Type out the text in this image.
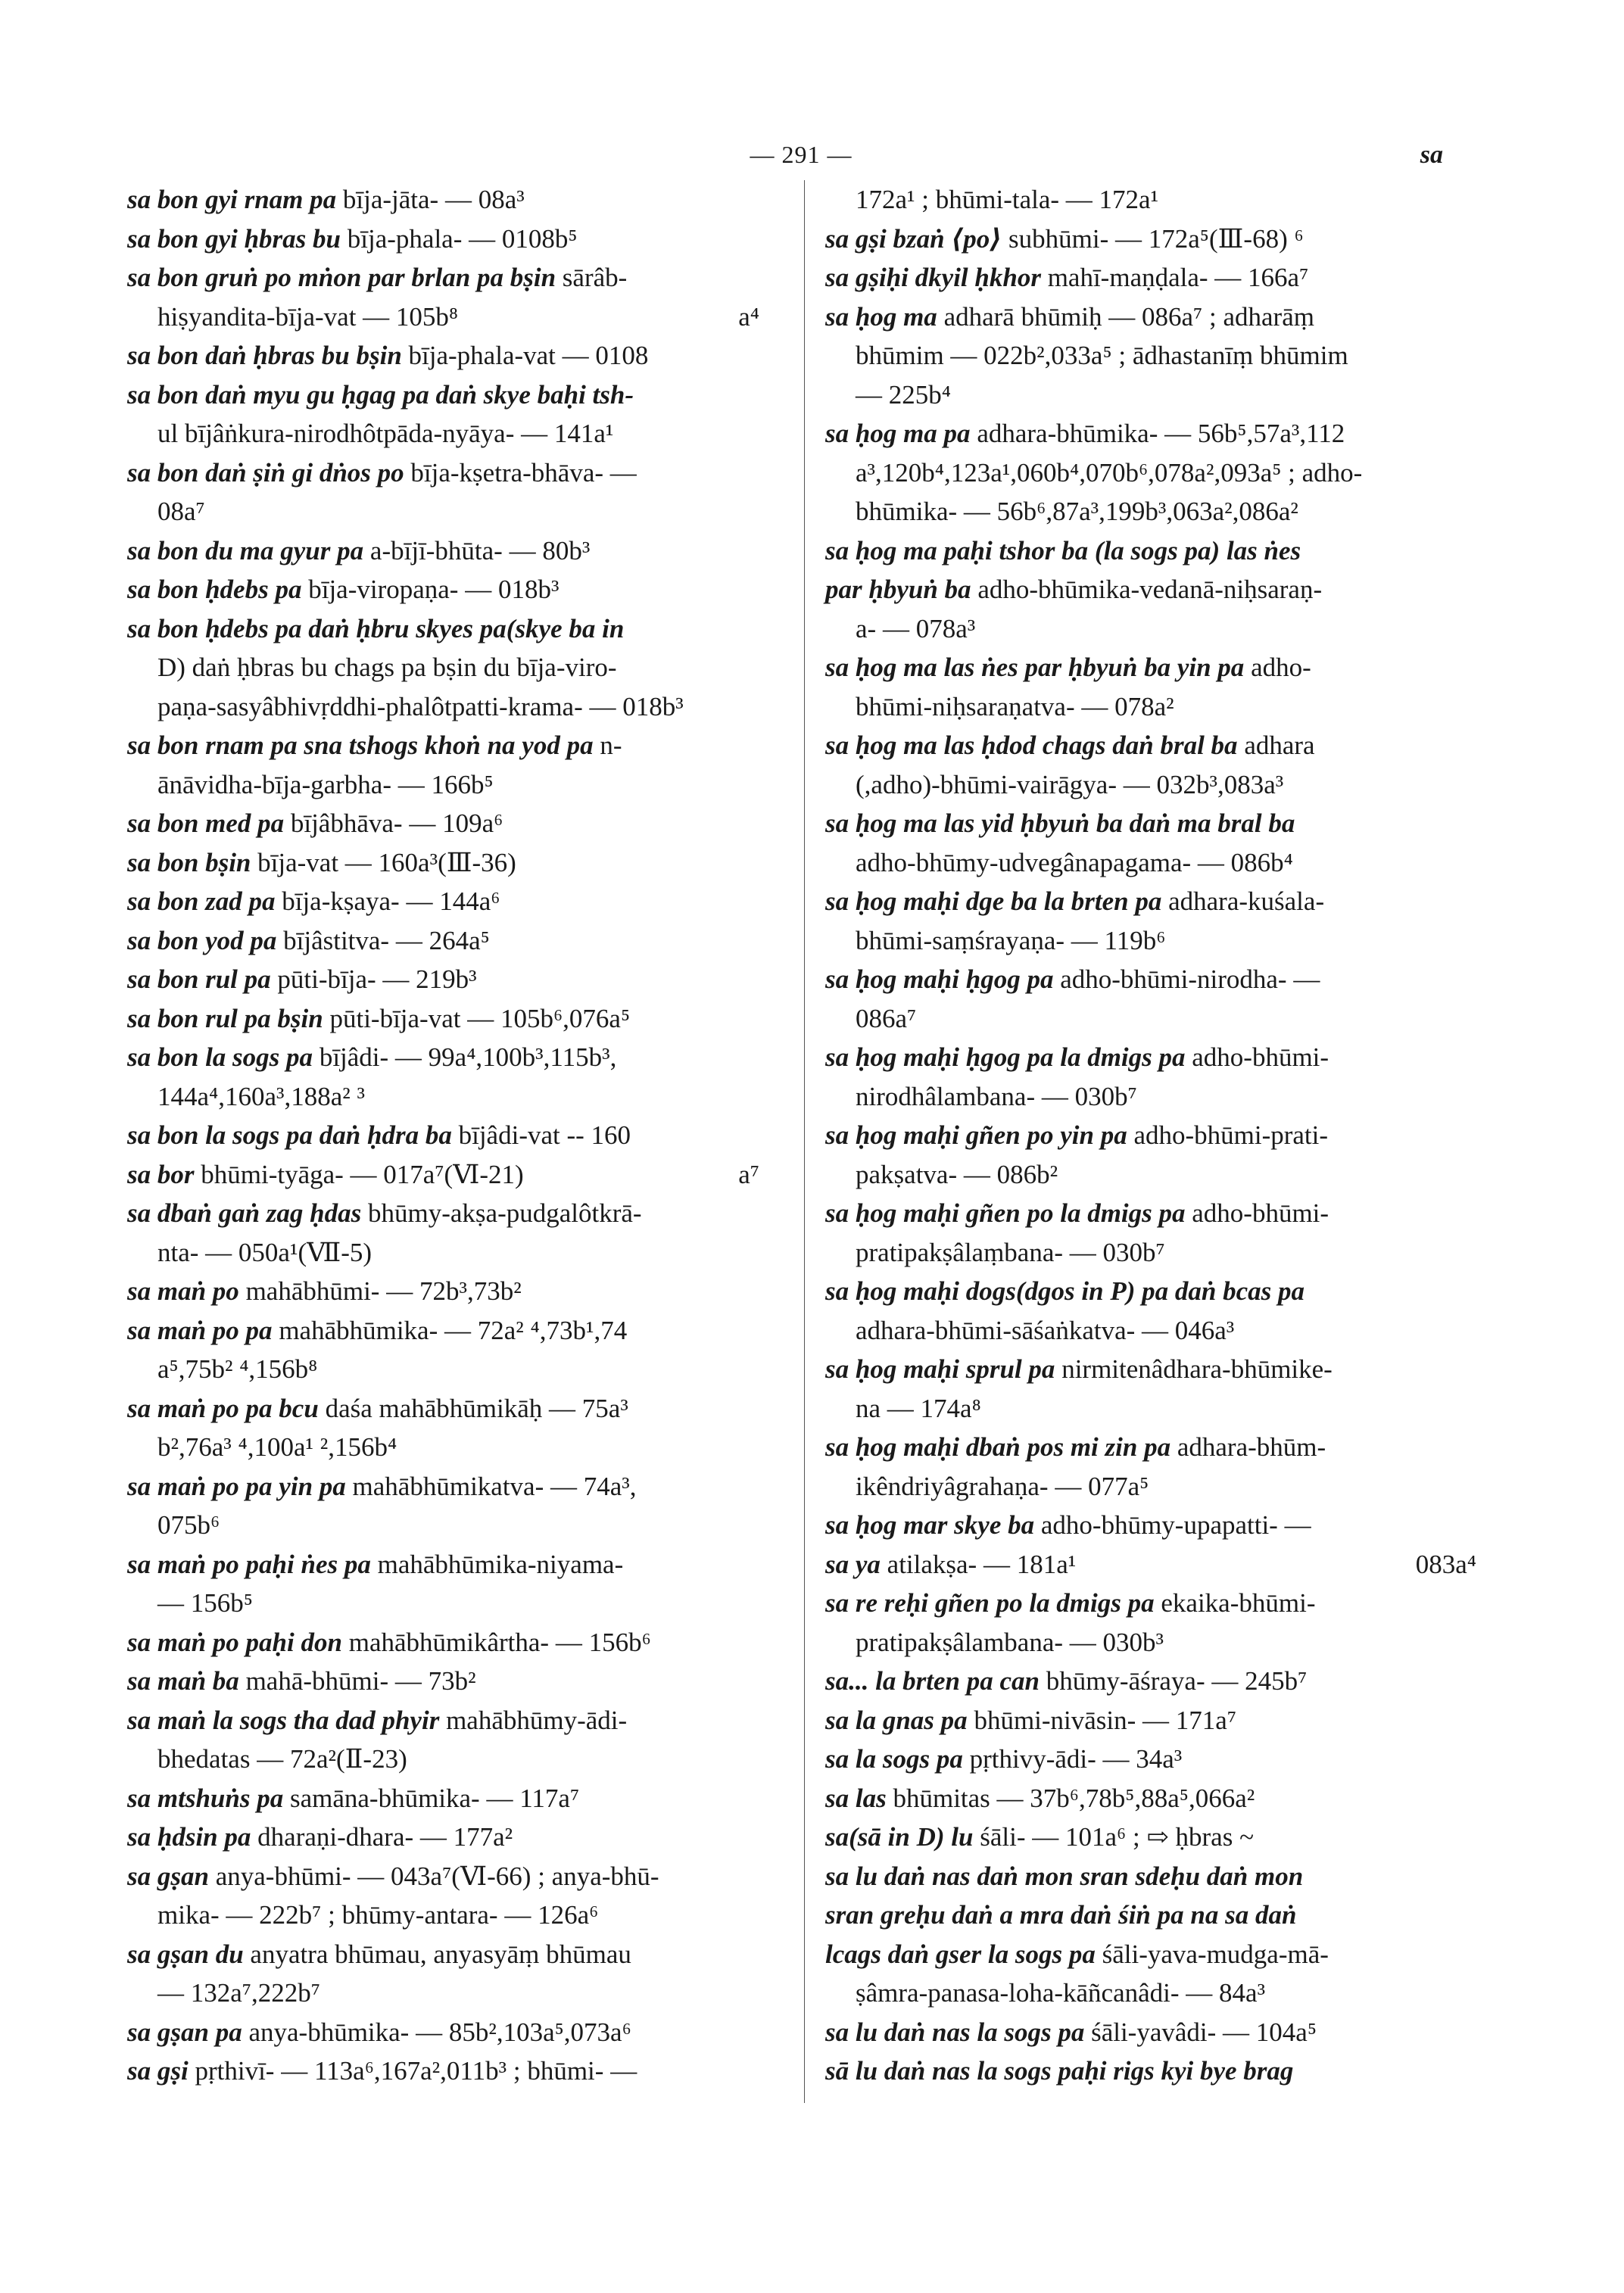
— 291 —	sa
sa bon gyi rnam pa bīja-jāta- — 08a³
sa bon gyi ḥbras bu bīja-phala- — 0108b⁵
sa bon gruṅ po mṅon par brlan pa bṣin sārâb-
a⁴
hiṣyandita-bīja-vat — 105b⁸
sa bon daṅ ḥbras bu bṣin bīja-phala-vat — 0108
sa bon daṅ myu gu ḥgag pa daṅ skye baḥi tsh-
ul bījâṅkura-nirodhôtpāda-nyāya- — 141a¹
sa bon daṅ ṣiṅ gi dṅos po bīja-kṣetra-bhāva- —
08a⁷
sa bon du ma gyur pa a-bījī-bhūta- — 80b³
sa bon ḥdebs pa bīja-viropaṇa- — 018b³
sa bon ḥdebs pa daṅ ḥbru skyes pa(skye ba in
D) daṅ ḥbras bu chags pa bṣin du bīja-viro-
paṇa-sasyâbhivṛddhi-phalôtpatti-krama- — 018b³
sa bon rnam pa sna tshogs khoṅ na yod pa n-
ānāvidha-bīja-garbha- — 166b⁵
sa bon med pa bījâbhāva- — 109a⁶
sa bon bṣin bīja-vat — 160a³(Ⅲ-36)
sa bon zad pa bīja-kṣaya- — 144a⁶
sa bon yod pa bījâstitva- — 264a⁵
sa bon rul pa pūti-bīja- — 219b³
sa bon rul pa bṣin pūti-bīja-vat — 105b⁶,076a⁵
sa bon la sogs pa bījâdi- — 99a⁴,100b³,115b³,
144a⁴,160a³,188a² ³
sa bon la sogs pa daṅ ḥdra ba bījâdi-vat -- 160
a⁷
sa bor bhūmi-tyāga- — 017a⁷(Ⅵ-21)
sa dbaṅ gaṅ zag ḥdas bhūmy-akṣa-pudgalôtkrā-
nta- — 050a¹(Ⅶ-5)
sa maṅ po mahābhūmi- — 72b³,73b²
sa maṅ po pa mahābhūmika- — 72a² ⁴,73b¹,74
a⁵,75b² ⁴,156b⁸
sa maṅ po pa bcu daśa mahābhūmikāḥ — 75a³
b²,76a³ ⁴,100a¹ ²,156b⁴
sa maṅ po pa yin pa mahābhūmikatva- — 74a³,
075b⁶
sa maṅ po paḥi ṅes pa mahābhūmika-niyama-
— 156b⁵
sa maṅ po paḥi don mahābhūmikârtha- — 156b⁶
sa maṅ ba mahā-bhūmi- — 73b²
sa maṅ la sogs tha dad phyir mahābhūmy-ādi-
bhedatas — 72a²(Ⅱ-23)
sa mtshuṅs pa samāna-bhūmika- — 117a⁷
sa ḥdsin pa dharaṇi-dhara- — 177a²
sa gṣan anya-bhūmi- — 043a⁷(Ⅵ-66) ; anya-bhū-
mika- — 222b⁷ ; bhūmy-antara- — 126a⁶
sa gṣan du anyatra bhūmau, anyasyāṃ bhūmau
— 132a⁷,222b⁷
sa gṣan pa anya-bhūmika- — 85b²,103a⁵,073a⁶
sa gṣi pṛthivī- — 113a⁶,167a²,011b³ ; bhūmi- —
172a¹ ; bhūmi-tala- — 172a¹
sa gṣi bzaṅ ⟨po⟩ subhūmi- — 172a⁵(Ⅲ-68) ⁶
sa gṣiḥi dkyil ḥkhor mahī-maṇḍala- — 166a⁷
sa ḥog ma adharā bhūmiḥ — 086a⁷ ; adharāṃ
bhūmim — 022b²,033a⁵ ; ādhastanīṃ bhūmim
— 225b⁴
sa ḥog ma pa adhara-bhūmika- — 56b⁵,57a³,112
a³,120b⁴,123a¹,060b⁴,070b⁶,078a²,093a⁵ ; adho-
bhūmika- — 56b⁶,87a³,199b³,063a²,086a²
sa ḥog ma paḥi tshor ba (la sogs pa) las ṅes
par ḥbyuṅ ba adho-bhūmika-vedanā-niḥsaraṇ-
a- — 078a³
sa ḥog ma las ṅes par ḥbyuṅ ba yin pa adho-
bhūmi-niḥsaraṇatva- — 078a²
sa ḥog ma las ḥdod chags daṅ bral ba adhara
(,adho)-bhūmi-vairāgya- — 032b³,083a³
sa ḥog ma las yid ḥbyuṅ ba daṅ ma bral ba
adho-bhūmy-udvegânapagama- — 086b⁴
sa ḥog maḥi dge ba la brten pa adhara-kuśala-
bhūmi-saṃśrayaṇa- — 119b⁶
sa ḥog maḥi ḥgog pa adho-bhūmi-nirodha- —
086a⁷
sa ḥog maḥi ḥgog pa la dmigs pa adho-bhūmi-
nirodhâlambana- — 030b⁷
sa ḥog maḥi gñen po yin pa adho-bhūmi-prati-
pakṣatva- — 086b²
sa ḥog maḥi gñen po la dmigs pa adho-bhūmi-
pratipakṣâlaṃbana- — 030b⁷
sa ḥog maḥi dogs(dgos in P) pa daṅ bcas pa
adhara-bhūmi-sāśaṅkatva- — 046a³
sa ḥog maḥi sprul pa nirmitenâdhara-bhūmike-
na — 174a⁸
sa ḥog maḥi dbaṅ pos mi zin pa adhara-bhūm-
ikêndriyâgrahaṇa- — 077a⁵
sa ḥog mar skye ba adho-bhūmy-upapatti- —
083a⁴
sa ya atilakṣa- — 181a¹
sa re reḥi gñen po la dmigs pa ekaika-bhūmi-
pratipakṣâlambana- — 030b³
sa... la brten pa can bhūmy-āśraya- — 245b⁷
sa la gnas pa bhūmi-nivāsin- — 171a⁷
sa la sogs pa pṛthivy-ādi- — 34a³
sa las bhūmitas — 37b⁶,78b⁵,88a⁵,066a²
sa(sā in D) lu śāli- — 101a⁶ ; ⇨ ḥbras ~
sa lu daṅ nas daṅ mon sran sdeḥu daṅ mon
sran greḥu daṅ a mra daṅ śiṅ pa na sa daṅ
lcags daṅ gser la sogs pa śāli-yava-mudga-mā-
ṣâmra-panasa-loha-kāñcanâdi- — 84a³
sa lu daṅ nas la sogs pa śāli-yavâdi- — 104a⁵
sā lu daṅ nas la sogs paḥi rigs kyi bye brag
